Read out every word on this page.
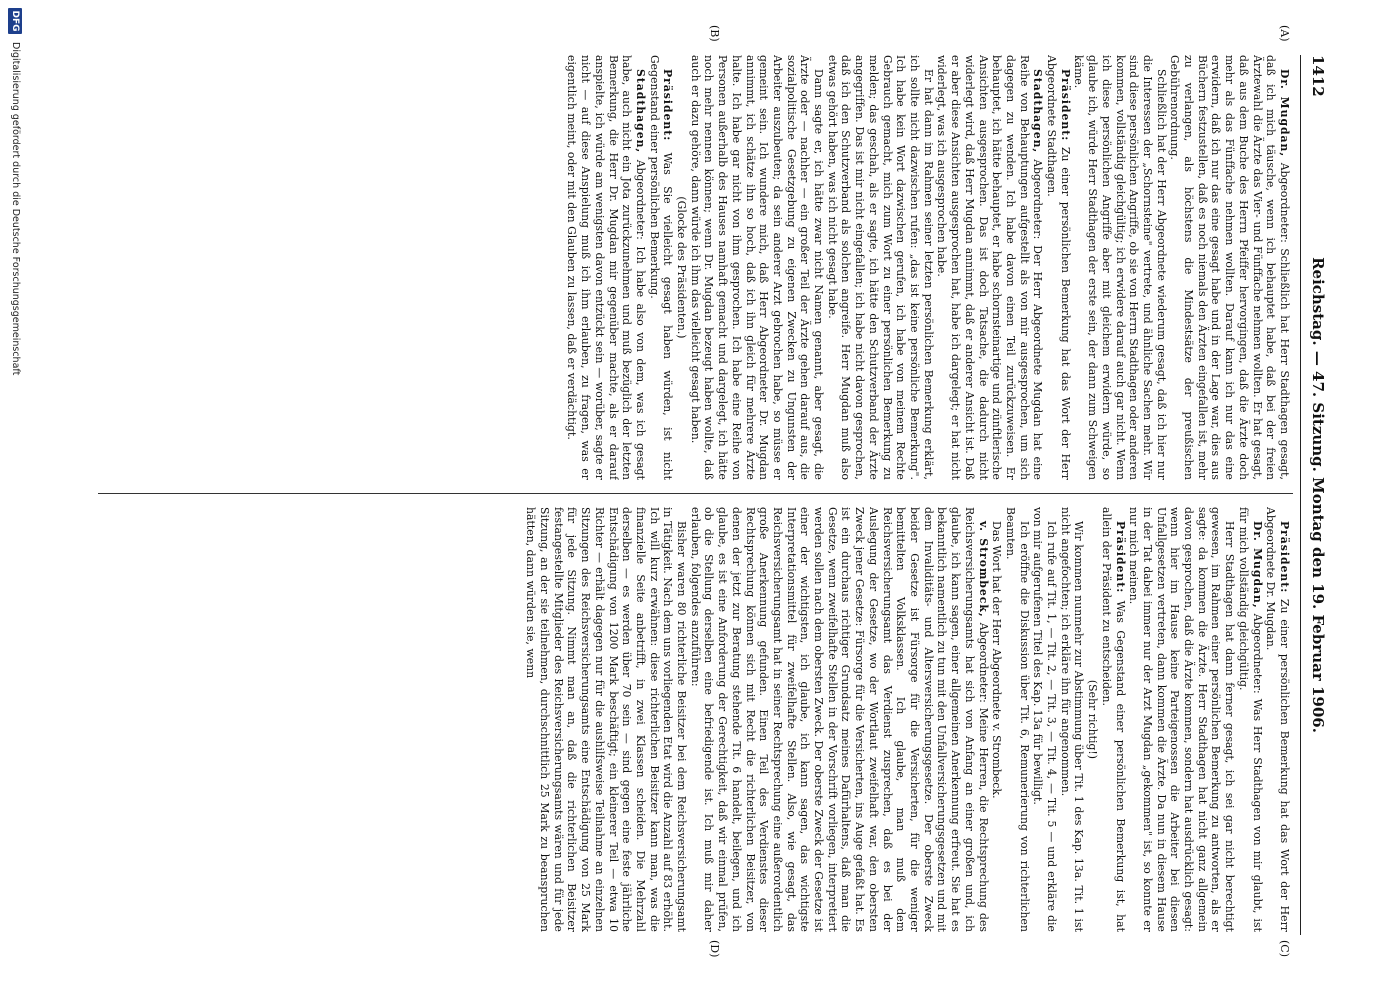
1412
Reichstag. — 47. Sitzung. Montag den 19. Februar 1906.
(A)
(B)
(C)
(D)

Dr. Mugdan, Abgeordneter: Schließlich hat Herr Stadthagen gesagt, daß ich mich täusche, wenn ich behauptet habe, daß bei der freien Ärztewahl die Ärzte das Vier- und Fünffache nehmen wollten. Er hat gesagt, daß aus dem Buche des Herrn Pfeiffer hervorgingen, daß die Ärzte doch mehr als das Fünffache nehmen wollten. Darauf kann ich nur das eine erwidern, daß ich nur das eine gesagt habe und in der Lage war, dies aus Büchern festzustellen, daß es noch niemals den Ärzten eingefallen ist, mehr zu verlangen, als höchstens die Mindestsätze der preußischen Gebührenordnung.

Schließlich hat der Herr Abgeordnete wiederum gesagt, daß ich hier nur die Interessen der „Schornsteine" vertrete, und ähnliche Sachen mehr. Wir sind diese persönlichen Angriffe, ob sie von Herrn Stadthagen oder anderen kommen, vollständig gleichgültig; ich erwidere darauf auch gar nicht. Wenn ich diese persönlichen Angriffe aber mit gleichem erwidern würde, so glaube ich, würde Herr Stadthagen der erste sein, der dann zum Schweigen käme.

Präsident: Zu einer persönlichen Bemerkung hat das Wort der Herr Abgeordnete Stadthagen.

Stadthagen, Abgeordneter: Der Herr Abgeordnete Mugdan hat eine Reihe von Behauptungen aufgestellt als von mir ausgesprochen, um sich dagegen zu wenden. Ich habe davon einen Teil zurückzuweisen. Er behauptet, ich hätte behauptet, er habe schornsteinartige und zünftlerische Ansichten ausgesprochen. Das ist doch Tatsache, die dadurch nicht widerlegt wird, daß Herr Mugdan annimmt, daß er anderer Ansicht ist. Daß er aber diese Ansichten ausgesprochen hat, habe ich dargelegt; er hat nicht widerlegt, was ich ausgesprochen habe.

Er hat dann im Rahmen seiner letzten persönlichen Bemerkung erklärt, ich sollte nicht dazwischen rufen: „das ist keine persönliche Bemerkung". Ich habe kein Wort dazwischen gerufen, ich habe von meinem Rechte Gebrauch gemacht, mich zum Wort zu einer persönlichen Bemerkung zu melden; das geschah, als er sagte, ich hätte den Schutzverband der Ärzte angegriffen. Das ist mir nicht eingefallen; ich habe nicht davon gesprochen, daß ich den Schutzverband als solchen angreife. Herr Mugdan muß also etwas gehört haben, was ich nicht gesagt habe.

Dann sagte er, ich hätte zwar nicht Namen genannt, aber gesagt, die Ärzte oder — nachher — ein großer Teil der Ärzte gehen darauf aus, die sozialpolitische Gesetzgebung zu eigenen Zwecken zu Ungunsten der Arbeiter auszubeuten; da sein anderer Arzt gebrochen habe, so müsse er gemeint sein. Ich wundere mich, daß Herr Abgeordneter Dr. Mugdan annimmt, ich schätze ihn so hoch, daß ich ihn gleich für mehrere Ärzte halte. Ich habe gar nicht von ihm gesprochen. Ich habe eine Reihe von Personen außerhalb des Hauses namhaft gemacht und dargelegt, ich hätte noch mehr nennen können; wenn Dr. Mugdan bezeugt haben wollte, daß auch er dazu gehöre, dann würde ich ihm das vielleicht gesagt haben.

(Glocke des Präsidenten.)

Präsident: Was Sie vielleicht gesagt haben würden, ist nicht Gegenstand einer persönlichen Bemerkung.

Stadthagen, Abgeordneter: Ich habe also von dem, was ich gesagt habe, auch nicht ein Jota zurückzunehmen und muß bezüglich der letzten Bemerkung, die Herr Dr. Mugdan mir gegenüber machte, als er darauf anspielte, ich würde am wenigsten davon entzückt sein — worüber, sagte er nicht — auf diese Anspielung muß ich ihm erlauben, zu fragen, was er eigentlich meint, oder mit den Glauben zu lassen, daß er verdächtigt.

Präsident: Zu einer persönlichen Bemerkung hat das Wort der Herr Abgeordnete Dr. Mugdan.

Dr. Mugdan, Abgeordneter: Was Herr Stadthagen von mir glaubt, ist für mich vollständig gleichgültig.

Herr Stadthagen hat dann ferner gesagt, ich sei gar nicht berechtigt gewesen, im Rahmen einer persönlichen Bemerkung zu antworten, als er sagte: da kommen die Ärzte. Herr Stadthagen hat nicht ganz allgemein davon gesprochen, daß die Ärzte kommen, sondern hat ausdrücklich gesagt: wenn hier im Hause keine Parteigenossen die Arbeiter bei diesen Unfallgesetzen vertreten, dann kommen die Ärzte. Da nun in diesem Hause in der Tat dabei immer nur der Arzt Mugdan „gekommen" ist, so konnte er nur mich meinen.

Präsident: Was Gegenstand einer persönlichen Bemerkung ist, hat allein der Präsident zu entscheiden.

(Sehr richtig!)

Wir kommen nunmehr zur Abstimmung über Tit. 1 des Kap. 13a. Tit. 1 ist nicht angefochten; ich erkläre ihn für angenommen.

Ich rufe auf Tit. 1, — Tit. 2, — Tit. 3, — Tit. 4, — Tit. 5 — und erkläre die von mir aufgerufenen Titel des Kap. 13a für bewilligt.

Ich eröffne die Diskussion über Tit. 6, Remunerierung von richterlichen Beamten.

Das Wort hat der Herr Abgeordnete v. Strombeck.

v. Strombeck, Abgeordneter: Meine Herren, die Rechtsprechung des Reichsversicherungsamts hat sich von Anfang an einer großen und, ich glaube, ich kann sagen, einer allgemeinen Anerkennung erfreut. Sie hat es bekanntlich namentlich zu tun mit den Unfallversicherungsgesetzen und mit dem Invaliditäts- und Altersversicherungsgesetze. Der oberste Zweck beider Gesetze ist Fürsorge für die Versicherten, für die weniger bemittelten Volksklassen. Ich glaube, man muß dem Reichsversicherungsamt das Verdienst zusprechen, daß es bei der Auslegung der Gesetze, wo der Wortlaut zweifelhaft war, den obersten Zweck jener Gesetze: Fürsorge für die Versicherten, ins Auge gefaßt hat. Es ist ein durchaus richtiger Grundsatz meines Dafürhaltens, daß man die Gesetze, wenn zweifelhafte Stellen in der Vorschrift vorliegen, interpretiert werden sollen nach dem obersten Zweck. Der oberste Zweck der Gesetze ist einer der wichtigsten, ich glaube, ich kann sagen, das wichtigste Interpretationsmittel für zweifelhafte Stellen. Also, wie gesagt, das Reichsversicherungsamt hat in seiner Rechtsprechung eine außerordentlich große Anerkennung gefunden. Einen Teil des Verdienstes dieser Rechtsprechung können sich mit Recht die richterlichen Beisitzer, von denen der jetzt zur Beratung stehende Tit. 6 handelt, beilegen, und ich glaube, es ist eine Anforderung der Gerechtigkeit, daß wir einmal prüfen, ob die Stellung derselben eine befriedigende ist. Ich muß mir daher erlauben, folgendes anzuführen:

Bisher waren 80 richterliche Beisitzer bei dem Reichsversicherungsamt in Tätigkeit. Nach dem uns vorliegenden Etat wird die Anzahl auf 83 erhöht. Ich will kurz erwähnen: diese richterlichen Beisitzer kann man, was die finanzielle Seite anbetrifft, in zwei Klassen scheiden. Die Mehrzahl derselben — es werden über 70 sein — sind gegen eine feste jährliche Entschädigung von 1200 Mark beschäftigt; ein kleinerer Teil — etwa 10 Richter — erhält dagegen nur für die aushilfsweise Teilnahme an einzelnen Sitzungen des Reichsversicherungsamts eine Entschädigung von 25 Mark für jede Sitzung. Nimmt man an, daß die richterlichen Beisitzer festangestellte Mitglieder des Reichsversicherungsamts wären und für jede Sitzung, an der sie teilnehmen, durchschnittlich 25 Mark zu beanspruchen hätten, dann würden sie, wenn

DFG
Digitalisierung gefördert durch die Deutsche Forschungsgemeinschaft
